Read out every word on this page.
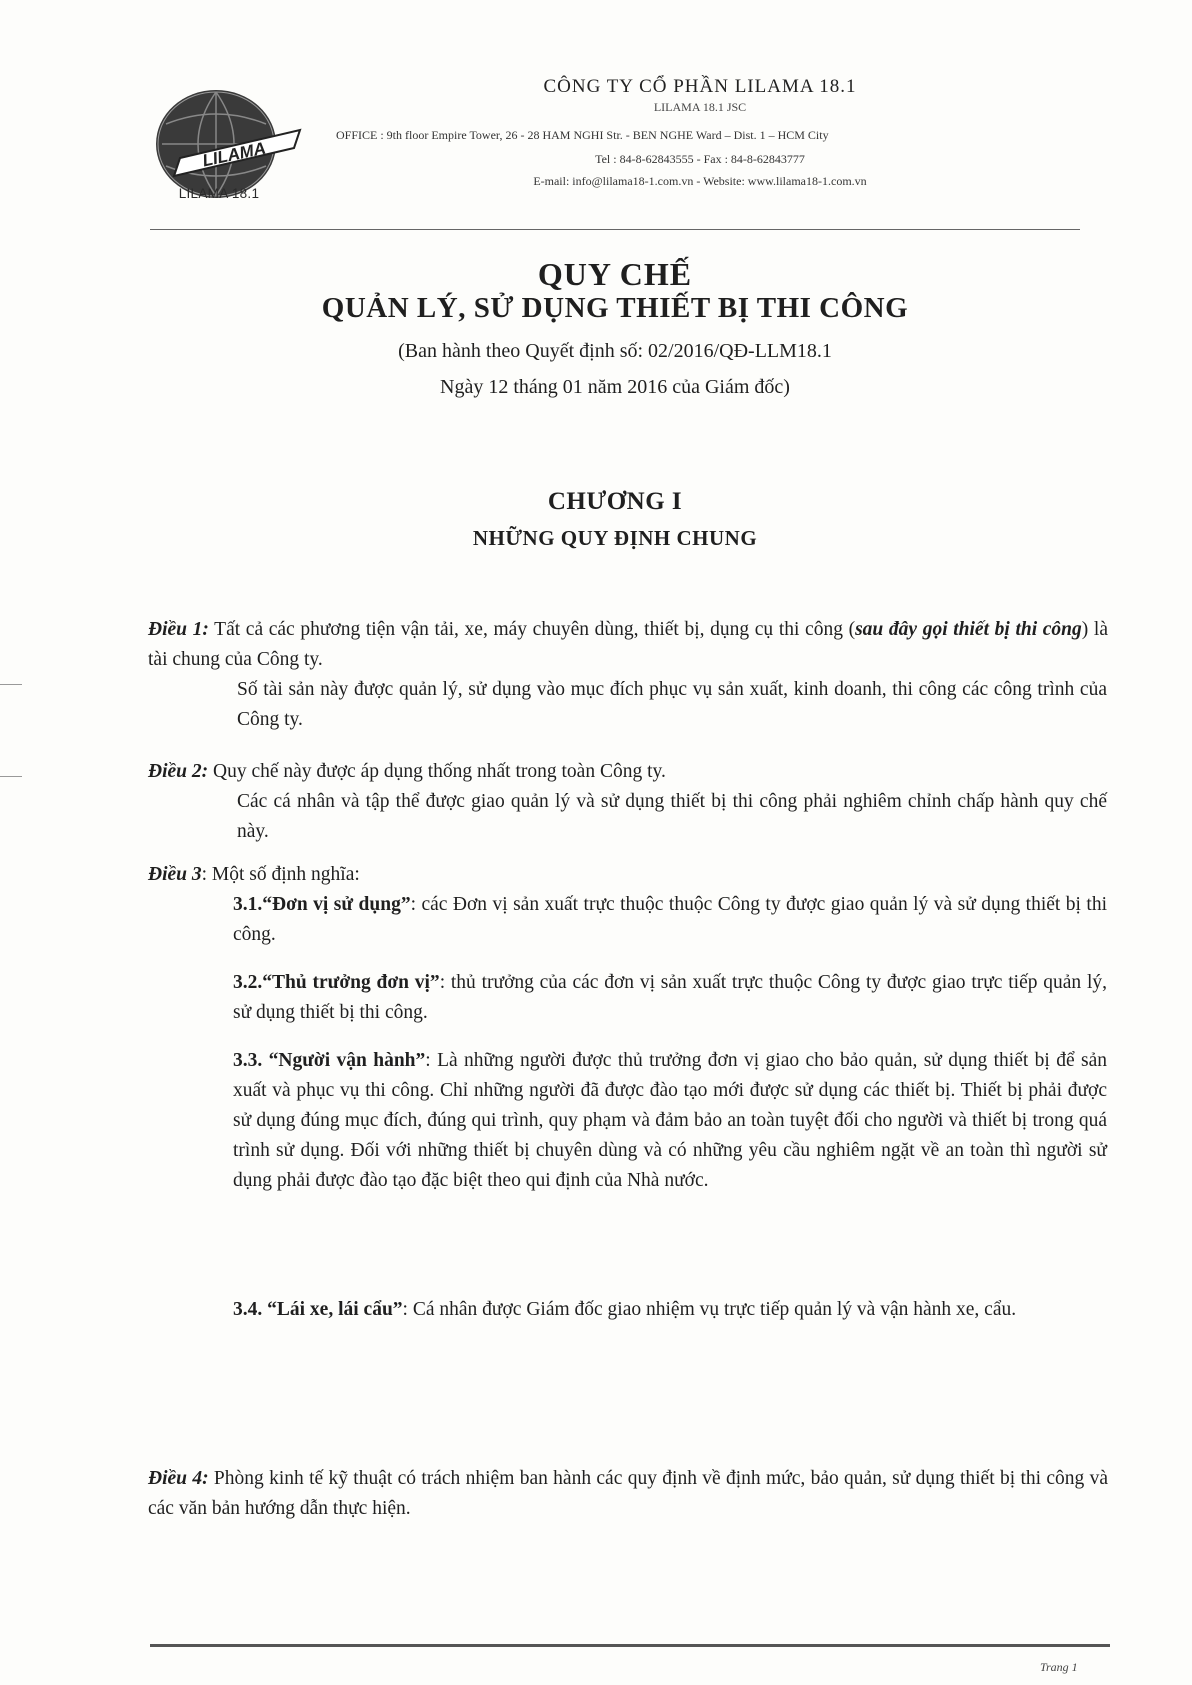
LILAMA
LILAMA 18.1
CÔNG TY CỔ PHẦN LILAMA 18.1
LILAMA 18.1 JSC
OFFICE : 9th floor Empire Tower, 26 - 28 HAM NGHI Str. - BEN NGHE Ward – Dist. 1 – HCM City
Tel : 84-8-62843555 - Fax : 84-8-62843777
E-mail: info@lilama18-1.com.vn - Website: www.lilama18-1.com.vn
QUY CHẾ
QUẢN LÝ, SỬ DỤNG THIẾT BỊ THI CÔNG
(Ban hành theo Quyết định số: 02/2016/QĐ-LLM18.1
Ngày 12 tháng 01 năm 2016 của Giám đốc)
CHƯƠNG I
NHỮNG QUY ĐỊNH CHUNG
Điều 1: Tất cả các phương tiện vận tải, xe, máy chuyên dùng, thiết bị, dụng cụ thi công (sau đây gọi thiết bị thi công) là tài chung của Công ty.
Số tài sản này được quản lý, sử dụng vào mục đích phục vụ sản xuất, kinh doanh, thi công các công trình của Công ty.
Điều 2: Quy chế này được áp dụng thống nhất trong toàn Công ty.
Các cá nhân và tập thể được giao quản lý và sử dụng thiết bị thi công phải nghiêm chỉnh chấp hành quy chế này.
Điều 3: Một số định nghĩa:
3.1.“Đơn vị sử dụng”: các Đơn vị sản xuất trực thuộc thuộc Công ty được giao quản lý và sử dụng thiết bị thi công.
3.2.“Thủ trưởng đơn vị”: thủ trưởng của các đơn vị sản xuất trực thuộc Công ty được giao trực tiếp quản lý, sử dụng thiết bị thi công.
3.3. “Người vận hành”: Là những người được thủ trưởng đơn vị giao cho bảo quản, sử dụng thiết bị để sản xuất và phục vụ thi công. Chỉ những người đã được đào tạo mới được sử dụng các thiết bị. Thiết bị phải được sử dụng đúng mục đích, đúng qui trình, quy phạm và đảm bảo an toàn tuyệt đối cho người và thiết bị trong quá trình sử dụng. Đối với những thiết bị chuyên dùng và có những yêu cầu nghiêm ngặt về an toàn thì người sử dụng phải được đào tạo đặc biệt theo qui định của Nhà nước.
3.4. “Lái xe, lái cẩu”: Cá nhân được Giám đốc giao nhiệm vụ trực tiếp quản lý và vận hành xe, cẩu.
Điều 4: Phòng kinh tế kỹ thuật có trách nhiệm ban hành các quy định về định mức, bảo quản, sử dụng thiết bị thi công và các văn bản hướng dẫn thực hiện.
Trang 1
